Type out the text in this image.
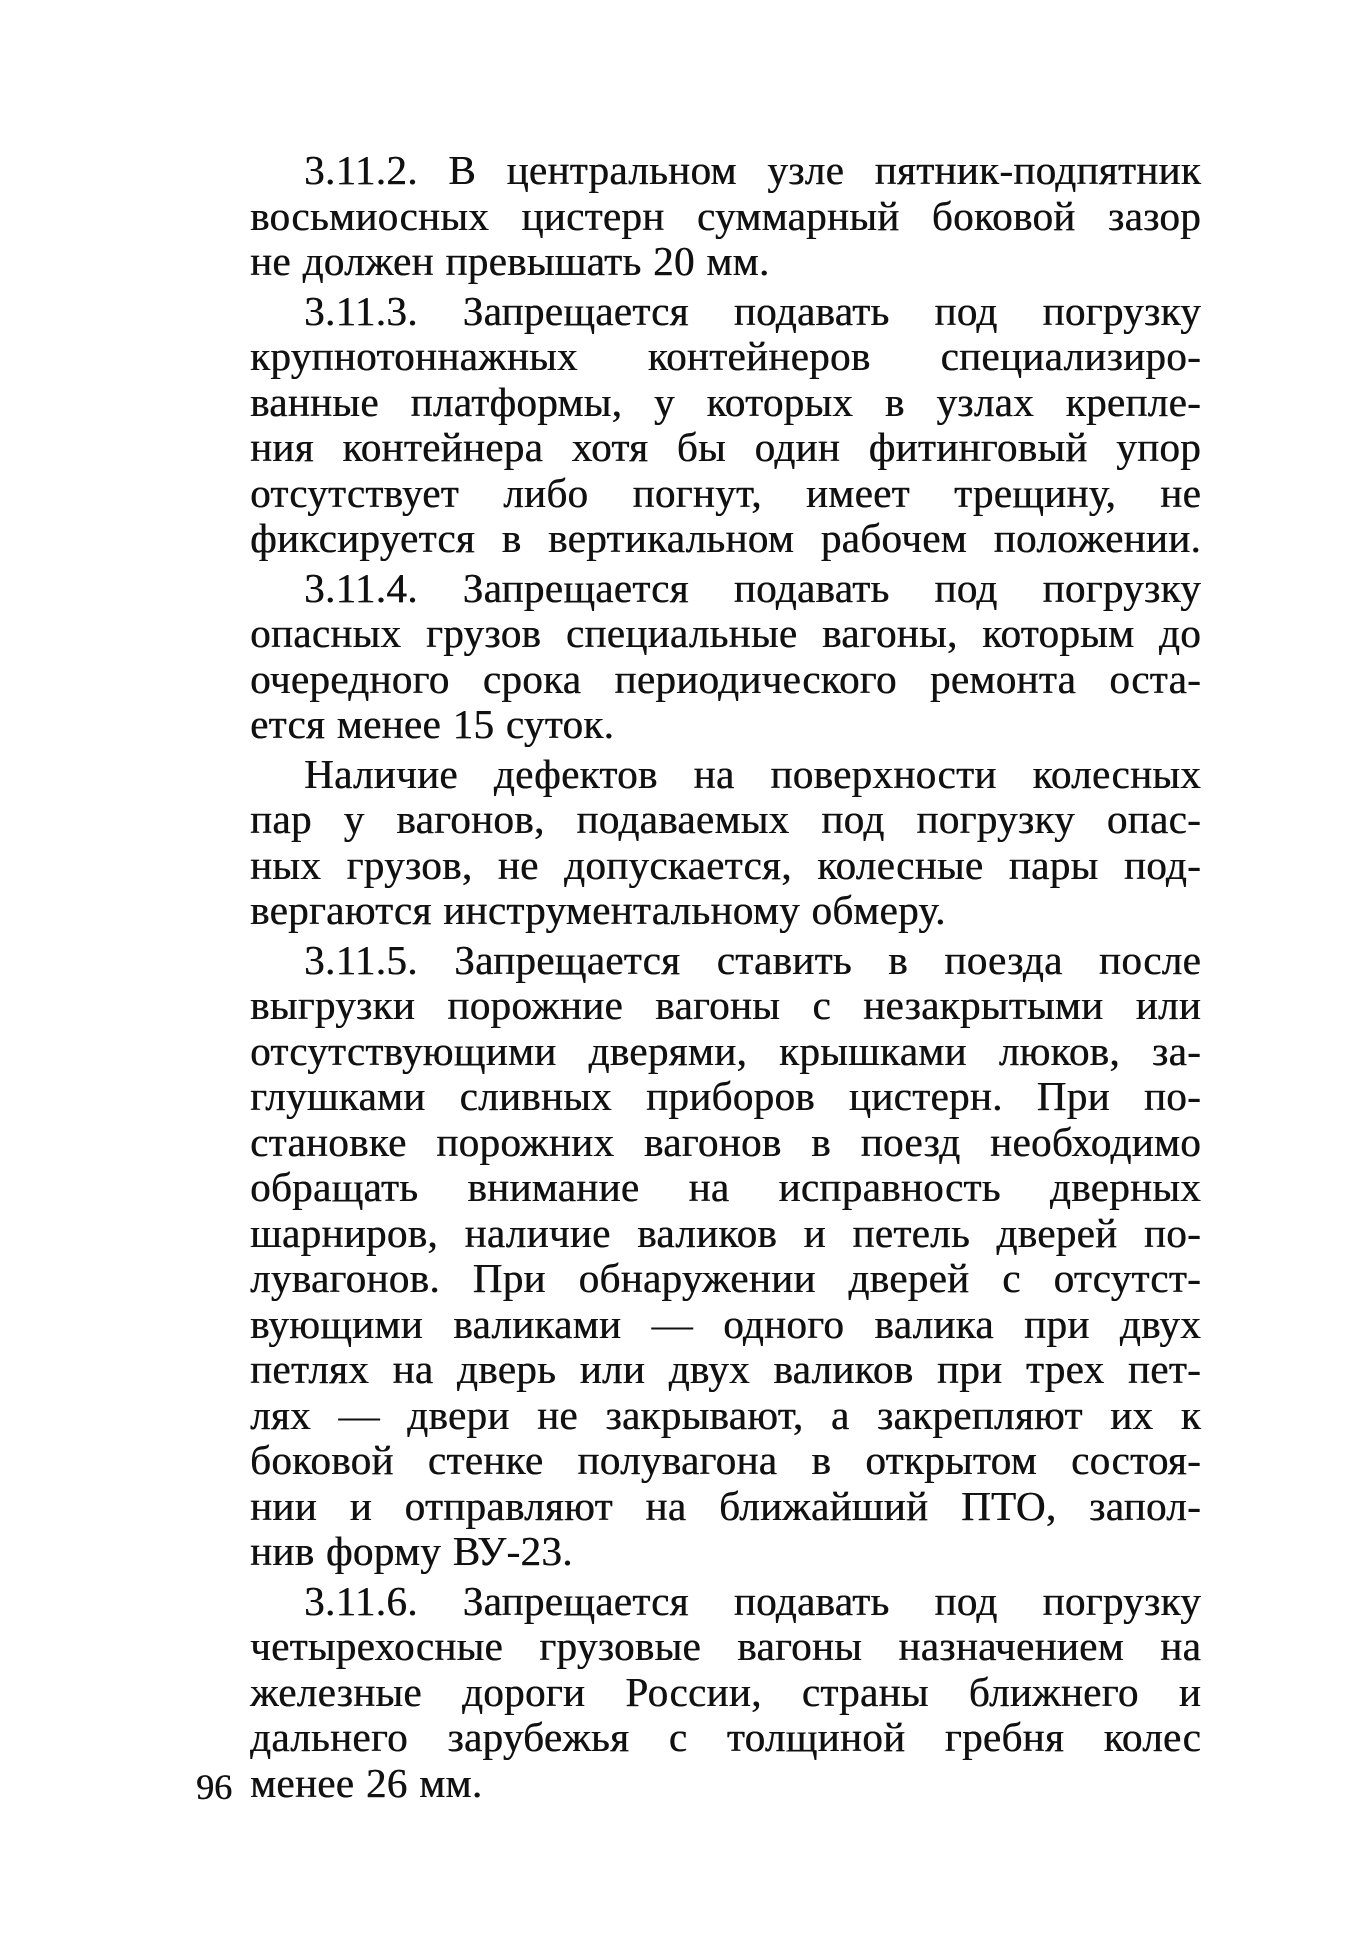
3.11.2. В центральном узле пятник-подпятник
восьмиосных цистерн суммарный боковой зазор
не должен превышать 20 мм.
3.11.3. Запрещается подавать под погрузку
крупнотоннажных контейнеров специализиро-
ванные платформы, у которых в узлах крепле-
ния контейнера хотя бы один фитинговый упор
отсутствует либо погнут, имеет трещину, не
фиксируется в вертикальном рабочем положении.
3.11.4. Запрещается подавать под погрузку
опасных грузов специальные вагоны, которым до
очередного срока периодического ремонта оста-
ется менее 15 суток.
Наличие дефектов на поверхности колесных
пар у вагонов, подаваемых под погрузку опас-
ных грузов, не допускается, колесные пары под-
вергаются инструментальному обмеру.
3.11.5. Запрещается ставить в поезда после
выгрузки порожние вагоны с незакрытыми или
отсутствующими дверями, крышками люков, за-
глушками сливных приборов цистерн. При по-
становке порожних вагонов в поезд необходимо
обращать внимание на исправность дверных
шарниров, наличие валиков и петель дверей по-
лувагонов. При обнаружении дверей с отсутст-
вующими валиками — одного валика при двух
петлях на дверь или двух валиков при трех пет-
лях — двери не закрывают, а закрепляют их к
боковой стенке полувагона в открытом состоя-
нии и отправляют на ближайший ПТО, запол-
нив форму ВУ-23.
3.11.6. Запрещается подавать под погрузку
четырехосные грузовые вагоны назначением на
железные дороги России, страны ближнего и
дальнего зарубежья с толщиной гребня колес
менее 26 мм.
96
